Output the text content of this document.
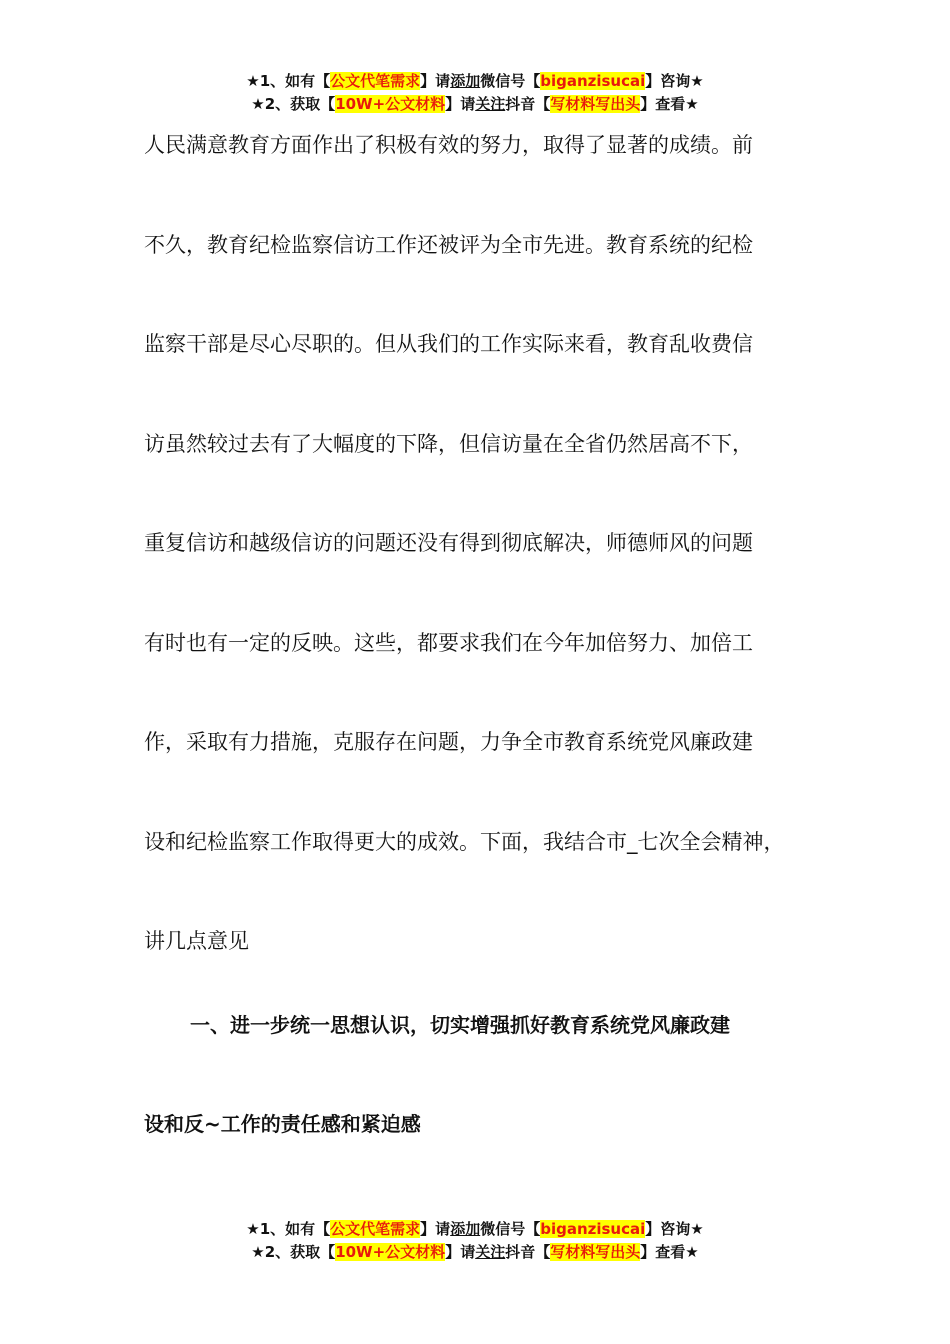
★1、如有【公文代笔需求】请添加微信号【biganzisucai】咨询★
★2、获取【10W+公文材料】请关注抖音【写材料写出头】查看★

人民满意教育方面作出了积极有效的努力，取得了显著的成绩。前

不久，教育纪检监察信访工作还被评为全市先进。教育系统的纪检

监察干部是尽心尽职的。但从我们的工作实际来看，教育乱收费信

访虽然较过去有了大幅度的下降，但信访量在全省仍然居高不下，

重复信访和越级信访的问题还没有得到彻底解决，师德师风的问题

有时也有一定的反映。这些，都要求我们在今年加倍努力、加倍工

作，采取有力措施，克服存在问题，力争全市教育系统党风廉政建

设和纪检监察工作取得更大的成效。下面，我结合市_七次全会精神，

讲几点意见

一、进一步统一思想认识，切实增强抓好教育系统党风廉政建
设和反~工作的责任感和紧迫感
★1、如有【公文代笔需求】请添加微信号【biganzisucai】咨询★
★2、获取【10W+公文材料】请关注抖音【写材料写出头】查看★
